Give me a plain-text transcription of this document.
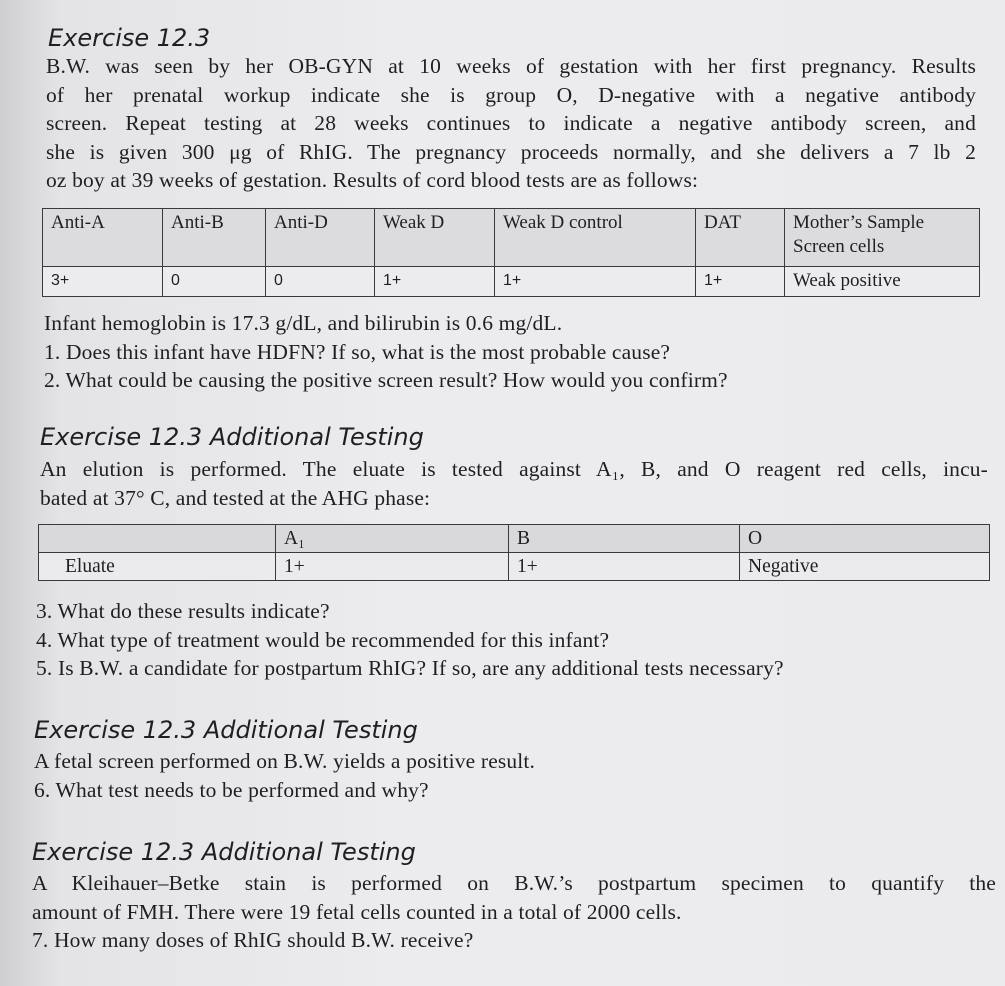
Exercise 12.3
B.W. was seen by her OB-GYN at 10 weeks of gestation with her first pregnancy. Results
of her prenatal workup indicate she is group O, D-negative with a negative antibody
screen. Repeat testing at 28 weeks continues to indicate a negative antibody screen, and
she is given 300 μg of RhIG. The pregnancy proceeds normally, and she delivers a 7 lb 2
oz boy at 39 weeks of gestation. Results of cord blood tests are as follows:
Anti-A	Anti-B	Anti-D	Weak D	Weak D control	DAT	Mother’s Sample Screen cells
3+	0	0	1+	1+	1+	Weak positive
Infant hemoglobin is 17.3 g/dL, and bilirubin is 0.6 mg/dL.
1. Does this infant have HDFN? If so, what is the most probable cause?
2. What could be causing the positive screen result? How would you confirm?
Exercise 12.3 Additional Testing
An elution is performed. The eluate is tested against A₁, B, and O reagent red cells, incu-
bated at 37° C, and tested at the AHG phase:
	A₁	B	O
Eluate	1+	1+	Negative
3. What do these results indicate?
4. What type of treatment would be recommended for this infant?
5. Is B.W. a candidate for postpartum RhIG? If so, are any additional tests necessary?
Exercise 12.3 Additional Testing
A fetal screen performed on B.W. yields a positive result.
6. What test needs to be performed and why?
Exercise 12.3 Additional Testing
A Kleihauer–Betke stain is performed on B.W.’s postpartum specimen to quantify the
amount of FMH. There were 19 fetal cells counted in a total of 2000 cells.
7. How many doses of RhIG should B.W. receive?
